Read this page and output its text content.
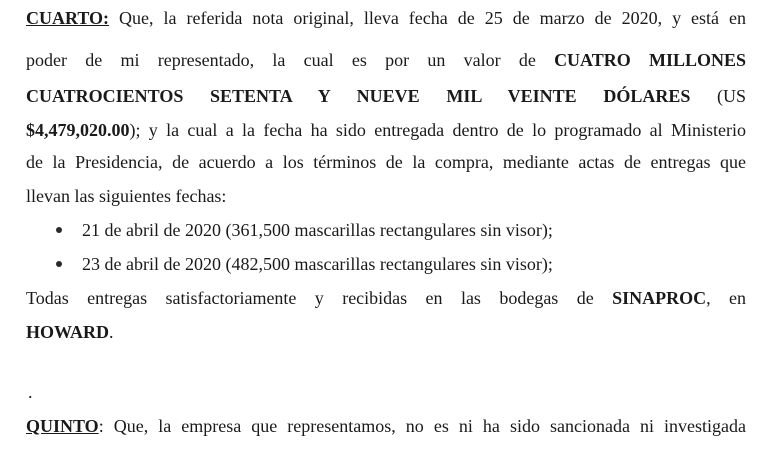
CUARTO: Que, la referida nota original, lleva fecha de 25 de marzo de 2020, y está en
poder de mi representado, la cual es por un valor de CUATRO MILLONES
CUATROCIENTOS SETENTA Y NUEVE MIL VEINTE DÓLARES (US
$4,479,020.00); y la cual a la fecha ha sido entregada dentro de lo programado al Ministerio
de la Presidencia, de acuerdo a los términos de la compra, mediante actas de entregas que
llevan las siguientes fechas:
21 de abril de 2020 (361,500 mascarillas rectangulares sin visor);
23 de abril de 2020 (482,500 mascarillas rectangulares sin visor);
Todas entregas satisfactoriamente y recibidas en las bodegas de SINAPROC, en
HOWARD.
.
QUINTO: Que, la empresa que representamos, no es ni ha sido sancionada ni investigada
